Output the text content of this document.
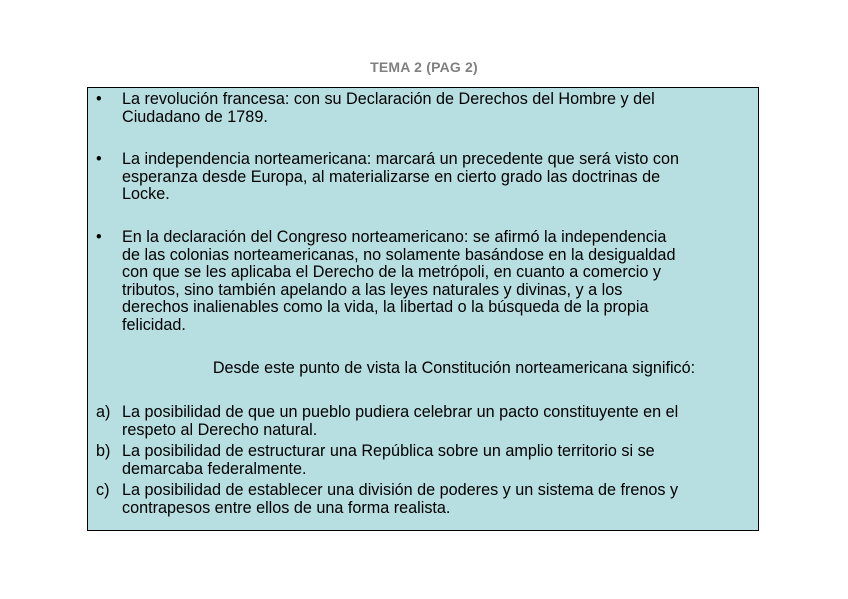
TEMA 2 (PAG 2)
• La revolución francesa: con su Declaración de Derechos del Hombre y del
Ciudadano de 1789.
• La independencia norteamericana: marcará un precedente que será visto con
esperanza desde Europa, al materializarse en cierto grado las doctrinas de
Locke.
• En la declaración del Congreso norteamericano: se afirmó la independencia
de las colonias norteamericanas, no solamente basándose en la desigualdad
con que se les aplicaba el Derecho de la metrópoli, en cuanto a comercio y
tributos, sino también apelando a las leyes naturales y divinas, y a los
derechos inalienables como la vida, la libertad o la búsqueda de la propia
felicidad.
Desde este punto de vista la Constitución norteamericana significó:
a) La posibilidad de que un pueblo pudiera celebrar un pacto constituyente en el
respeto al Derecho natural.
b) La posibilidad de estructurar una República sobre un amplio territorio si se
demarcaba federalmente.
c) La posibilidad de establecer una división de poderes y un sistema de frenos y
contrapesos entre ellos de una forma realista.
